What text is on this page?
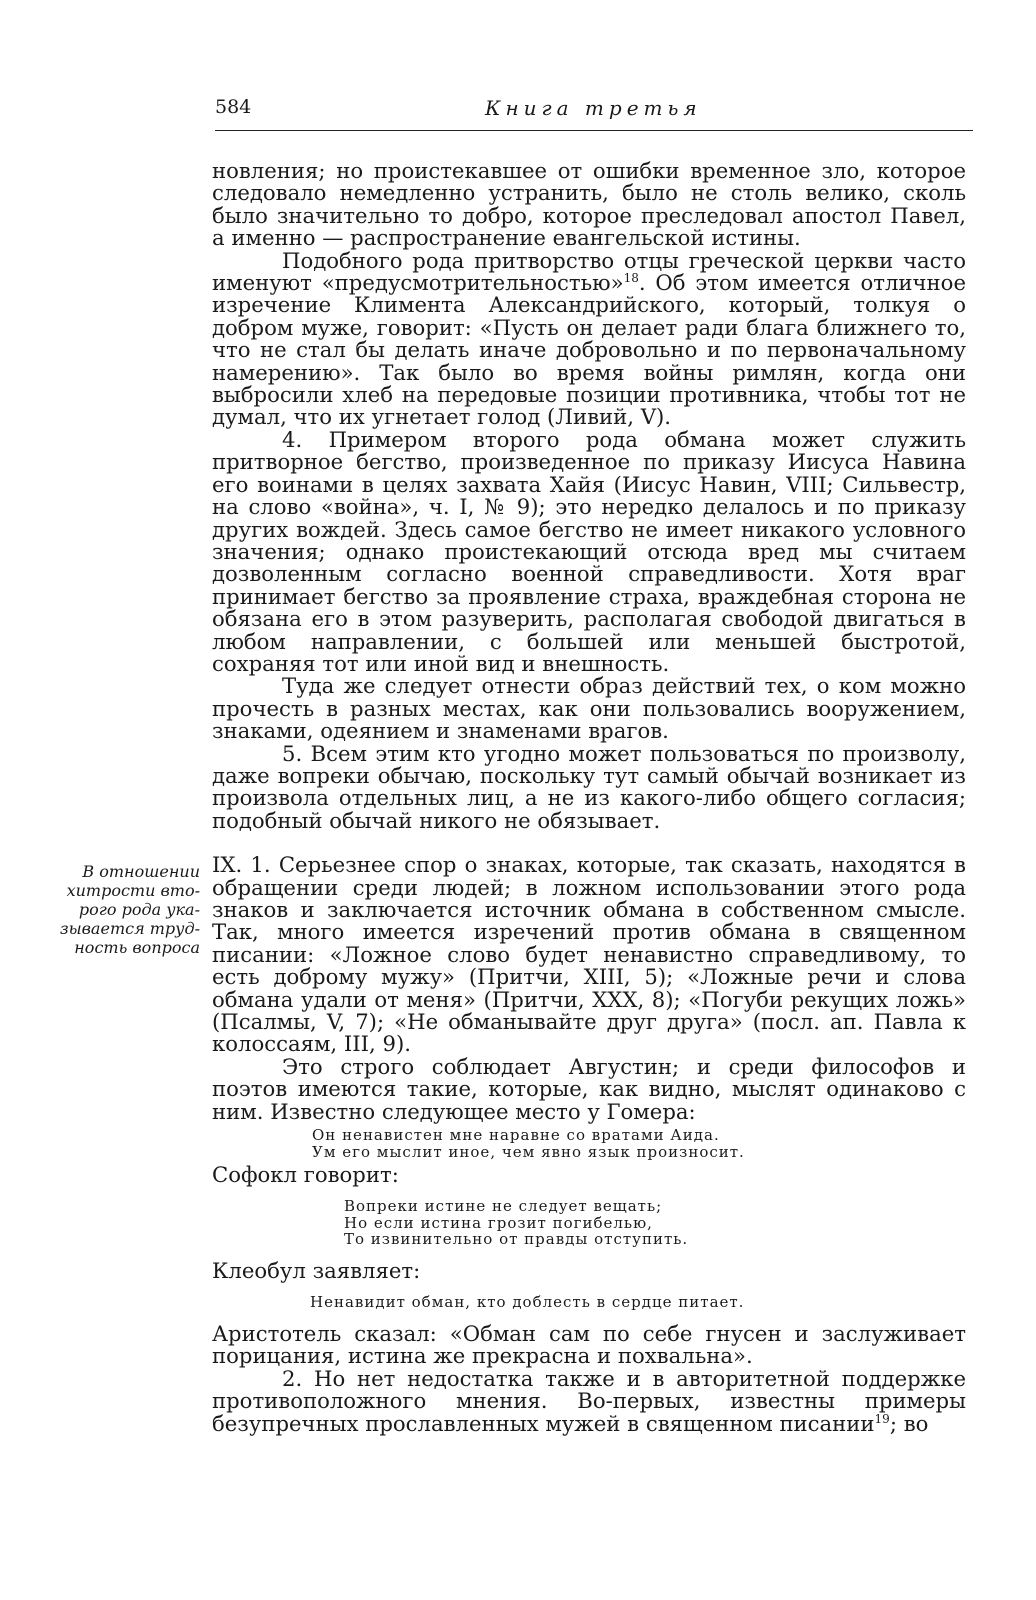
584	Книга третья
В отношении
хитрости вто-
рого рода ука-
зывается труд-
ность вопроса

новления; но проистекавшее от ошибки временное зло, которое следовало немедленно устранить, было не столь велико, сколь было значительно то добро, которое преследовал апостол Павел, а именно — распространение евангельской истины.

Подобного рода притворство отцы греческой церкви часто именуют «предусмотрительностью»$^{18}$. Об этом имеется отличное изречение Климента Александрийского, который, толкуя о добром муже, говорит: «Пусть он делает ради блага ближнего то, что не стал бы делать иначе добровольно и по первоначальному намерению». Так было во время войны римлян, когда они выбросили хлеб на передовые позиции противника, чтобы тот не думал, что их угнетает голод (Ливий, V).

4. Примером второго рода обмана может служить притворное бегство, произведенное по приказу Иисуса Навина его воинами в целях захвата Хайя (Иисус Навин, VIII; Сильвестр, на слово «война», ч. I, № 9); это нередко делалось и по приказу других вождей. Здесь самое бегство не имеет никакого условного значения; однако проистекающий отсюда вред мы считаем дозволенным согласно военной справедливости. Хотя враг принимает бегство за проявление страха, враждебная сторона не обязана его в этом разуверить, располагая свободой двигаться в любом направлении, с большей или меньшей быстротой, сохраняя тот или иной вид и внешность.

Туда же следует отнести образ действий тех, о ком можно прочесть в разных местах, как они пользовались вооружением, знаками, одеянием и знаменами врагов.

5. Всем этим кто угодно может пользоваться по произволу, даже вопреки обычаю, поскольку тут самый обычай возникает из произвола отдельных лиц, а не из какого-либо общего согласия; подобный обычай никого не обязывает.

IX. 1. Серьезнее спор о знаках, которые, так сказать, находятся в обращении среди людей; в ложном использовании этого рода знаков и заключается источник обмана в собственном смысле. Так, много имеется изречений против обмана в священном писании: «Ложное слово будет ненавистно справедливому, то есть доброму мужу» (Притчи, XIII, 5); «Ложные речи и слова обмана удали от меня» (Притчи, XXX, 8); «Погуби рекущих ложь» (Псалмы, V, 7); «Не обманывайте друг друга» (посл. ап. Павла к колоссаям, III, 9).

Это строго соблюдает Августин; и среди философов и поэтов имеются такие, которые, как видно, мыслят одинаково с ним. Известно следующее место у Гомера:

Он ненавистен мне наравне со вратами Аида.
Ум его мыслит иное, чем явно язык произносит.

Софокл говорит:

Вопреки истине не следует вещать;
Но если истина грозит погибелью,
То извинительно от правды отступить.

Клеобул заявляет:

Ненавидит обман, кто доблесть в сердце питает.

Аристотель сказал: «Обман сам по себе гнусен и заслуживает порицания, истина же прекрасна и похвальна».

2. Но нет недостатка также и в авторитетной поддержке противоположного мнения. Во-первых, известны примеры безупречных прославленных мужей в священном писании$^{19}$; во
